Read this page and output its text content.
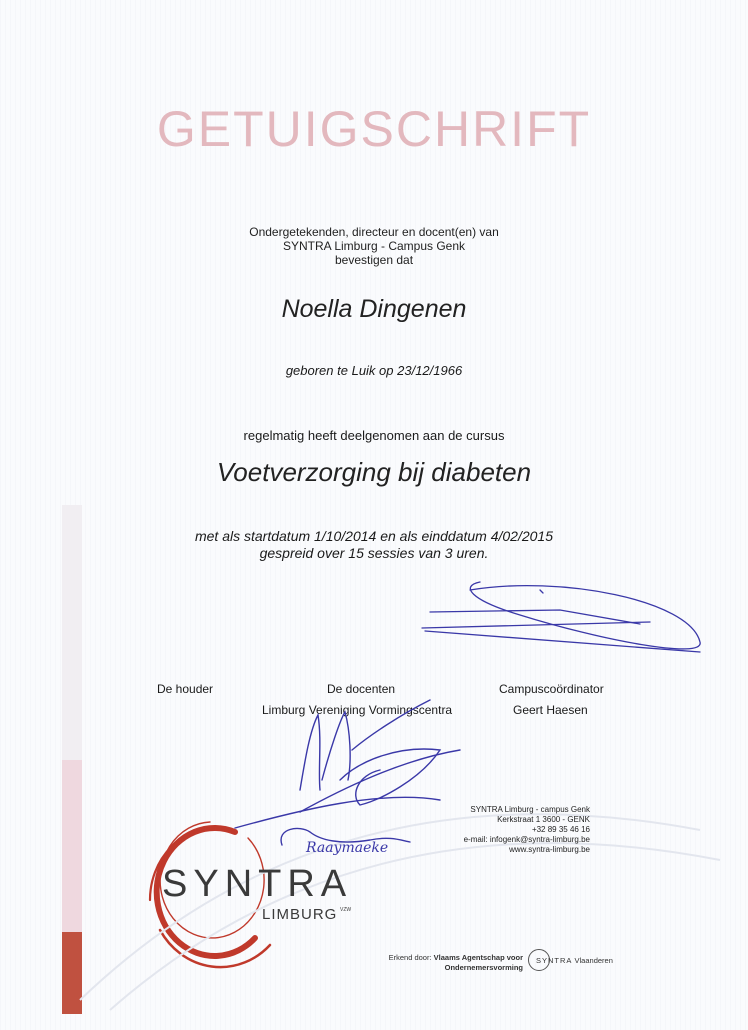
GETUIGSCHRIFT
Ondergetekenden, directeur en docent(en) van
SYNTRA Limburg - Campus Genk
bevestigen dat
Noella Dingenen
geboren te Luik op 23/12/1966
regelmatig heeft deelgenomen aan de cursus
Voetverzorging bij diabeten
met als startdatum 1/10/2014 en als einddatum 4/02/2015
gespreid over 15 sessies van 3 uren.
De houder	De docenten
Limburg Vereniging Vormingscentra
Campuscoördinator
Geert Haesen
Raaymaeke
SYNTRA Limburg - campus Genk
Kerkstraat 1 3600 - GENK
+32 89 35 46 16
e-mail: infogenk@syntra-limburg.be
www.syntra-limburg.be
SYNTRA
LIMBURG VZW
Erkend door: Vlaams Agentschap voor
Ondernemersvorming
SYNTRA Vlaanderen
